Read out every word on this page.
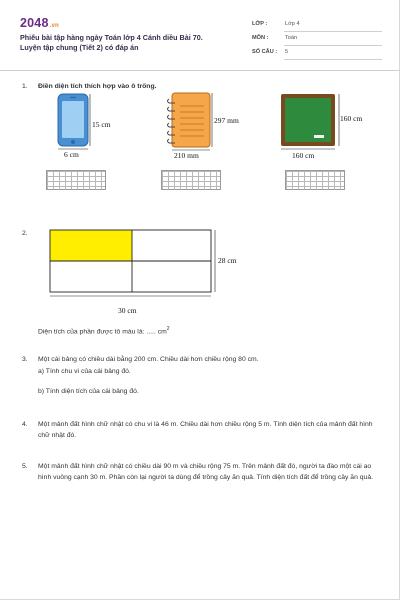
2048.vn
Phiếu bài tập hàng ngày Toán lớp 4 Cánh diều Bài 70. Luyện tập chung (Tiết 2) có đáp án
LỚP :	Lớp 4
MÔN :	Toán
SỐ CÂU : 5
1. Điền diện tích thích hợp vào ô trống.
15 cm
6 cm
297 mm
210 mm
160 cm
160 cm
2.
28 cm
30 cm
Diện tích của phần được tô màu là: ..... $cm^2$
3. Một cái bảng có chiều dài bằng 200 cm. Chiều dài hơn chiều rộng 80 cm.
a) Tính chu vi của cái bảng đó.
b) Tính diện tích của cái bảng đó.
4. Một mảnh đất hình chữ nhật có chu vi là 46 m. Chiều dài hơn chiều rộng 5 m. Tính diện tích của mảnh đất hình chữ nhật đó.
5. Một mảnh đất hình chữ nhật có chiều dài 90 m và chiều rộng 75 m. Trên mảnh đất đó, người ta đào một cái ao hình vuông cạnh 30 m. Phần còn lại người ta dùng để trồng cây ăn quả. Tính diện tích đất để trồng cây ăn quả.
